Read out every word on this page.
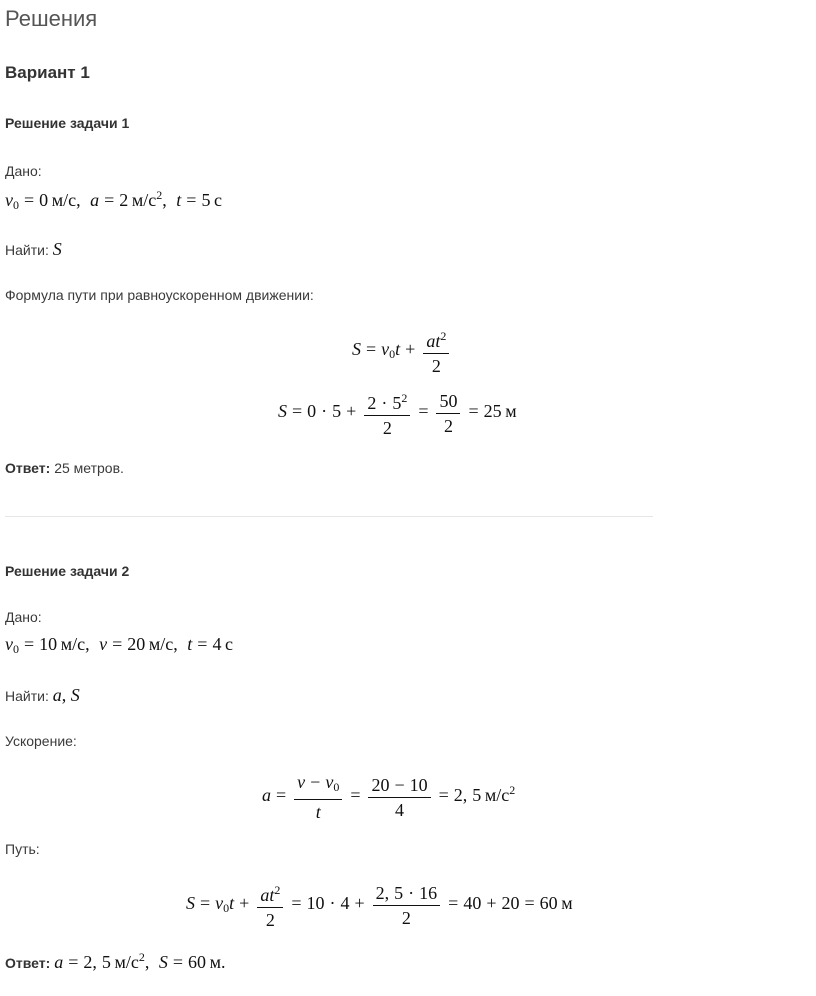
Решения
Вариант 1
Решение задачи 1
Дано:
$v_0 = 0$ м/с, a = 2 $м/с^2$, t = 5 с
Найти: S
Формула пути при равноускоренном движении:
$S = v_0t + \frac{at^2}{2}$
$S = 0 \cdot 5 + \frac{2 \cdot 5^2}{2} = \frac{50}{2} = 25$ м
Ответ: 25 метров.
Решение задачи 2
Дано:
$v_0 = 10$ м/с, v = 20 м/с, t = 4 с
Найти: a, S
Ускорение:
$a = \frac{v - v_0}{t} = \frac{20 - 10}{4} = 2$, 5 $м/с^2$
Путь:
$S = v_0t + \frac{at^2}{2} = 10 \cdot 4 + \frac{2, 5 \cdot 16}{2} = 40 + 20 = 60$ м
Ответ: a = 2, 5 $м/с^2$, S = 60 м.
